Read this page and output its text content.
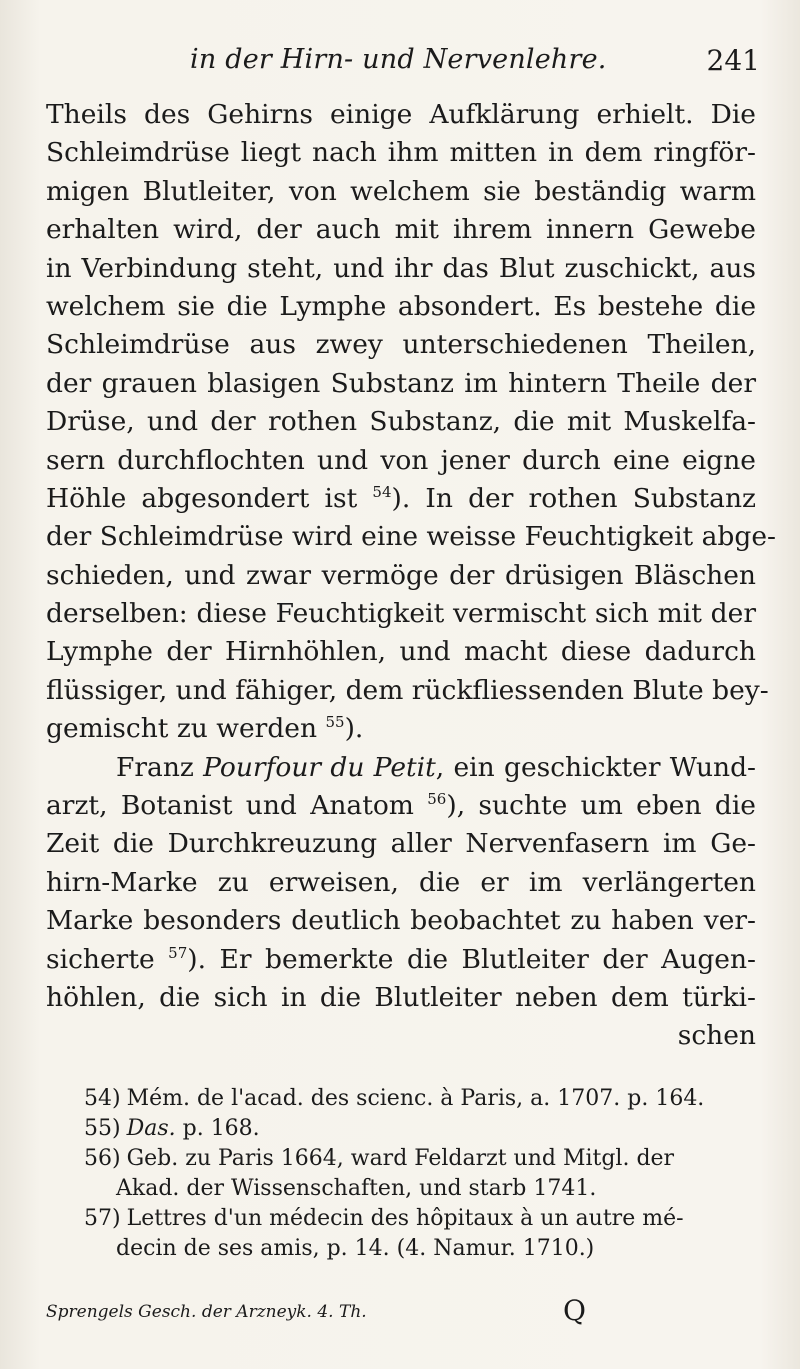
in der Hirn- und Nervenlehre.	241
Theils des Gehirns einige Aufklärung erhielt. Die
Schleimdrüse liegt nach ihm mitten in dem ringför-
migen Blutleiter, von welchem sie beständig warm
erhalten wird, der auch mit ihrem innern Gewebe
in Verbindung steht, und ihr das Blut zuschickt, aus
welchem sie die Lymphe absondert. Es bestehe die
Schleimdrüse aus zwey unterschiedenen Theilen,
der grauen blasigen Substanz im hintern Theile der
Drüse, und der rothen Substanz, die mit Muskelfa-
sern durchflochten und von jener durch eine eigne
Höhle abgesondert ist $^{54}$). In der rothen Substanz
der Schleimdrüse wird eine weisse Feuchtigkeit abge-
schieden, und zwar vermöge der drüsigen Bläschen
derselben: diese Feuchtigkeit vermischt sich mit der
Lymphe der Hirnhöhlen, und macht diese dadurch
flüssiger, und fähiger, dem rückfliessenden Blute bey-
gemischt zu werden $^{55}$).
Franz Pourfour du Petit, ein geschickter Wund-
arzt, Botanist und Anatom $^{56}$), suchte um eben die
Zeit die Durchkreuzung aller Nervenfasern im Ge-
hirn-Marke zu erweisen, die er im verlängerten
Marke besonders deutlich beobachtet zu haben ver-
sicherte $^{57}$). Er bemerkte die Blutleiter der Augen-
höhlen, die sich in die Blutleiter neben dem türki-
schen
54) Mém. de l'acad. des scienc. à Paris, a. 1707. p. 164.
55) Das. p. 168.
56) Geb. zu Paris 1664, ward Feldarzt und Mitgl. der
Akad. der Wissenschaften, und starb 1741.
57) Lettres d'un médecin des hôpitaux à un autre mé-
decin de ses amis, p. 14. (4. Namur. 1710.)
Sprengels Gesch. der Arzneyk. 4. Th.	Q
